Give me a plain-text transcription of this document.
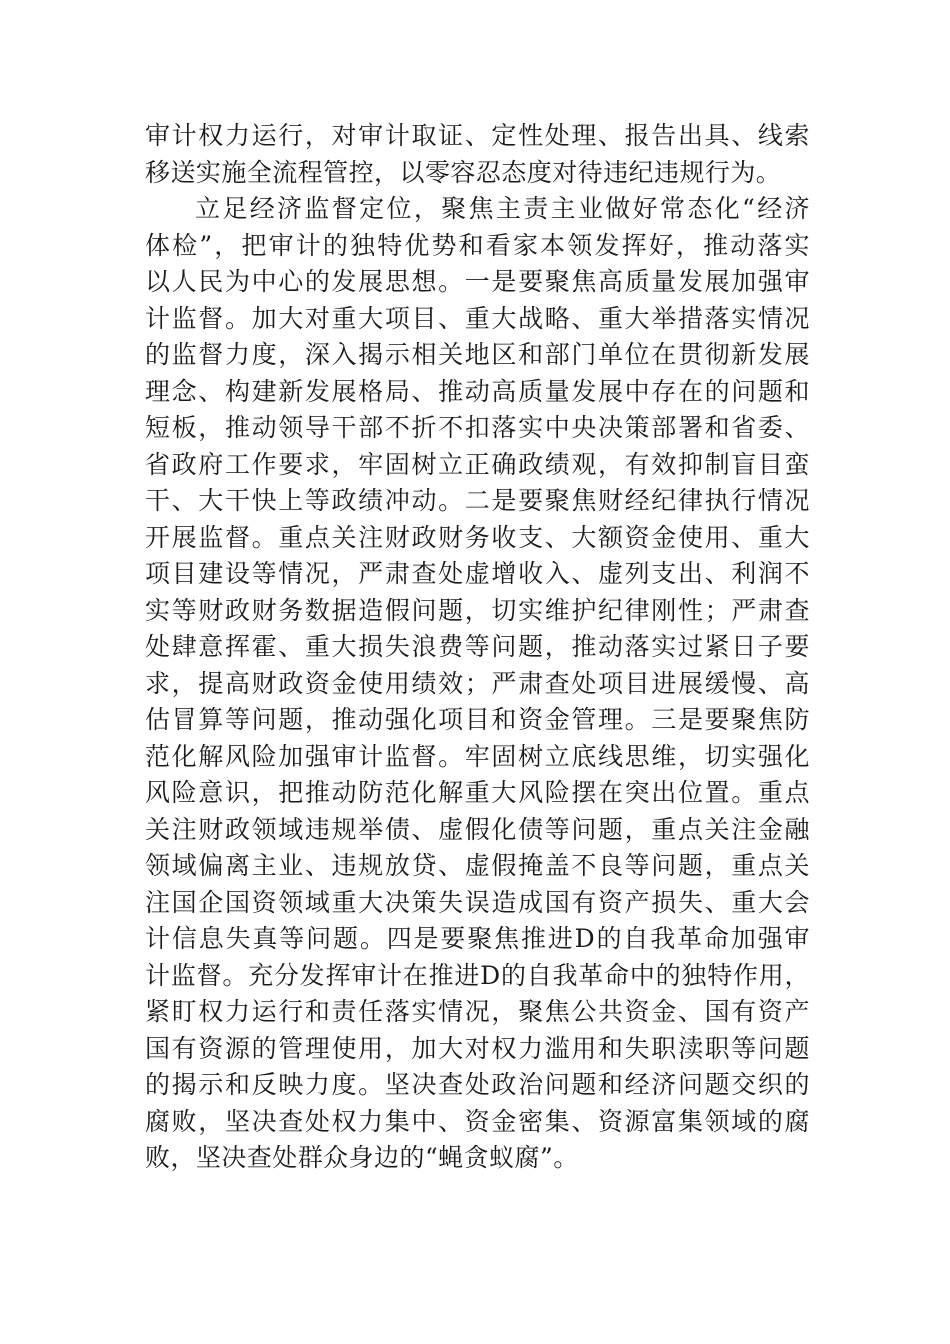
审计权力运行，对审计取证、定性处理、报告出具、线索
移送实施全流程管控，以零容忍态度对待违纪违规行为。
立足经济监督定位，聚焦主责主业做好常态化“经济
体检”，把审计的独特优势和看家本领发挥好，推动落实
以人民为中心的发展思想。一是要聚焦高质量发展加强审
计监督。加大对重大项目、重大战略、重大举措落实情况
的监督力度，深入揭示相关地区和部门单位在贯彻新发展
理念、构建新发展格局、推动高质量发展中存在的问题和
短板，推动领导干部不折不扣落实中央决策部署和省委、
省政府工作要求，牢固树立正确政绩观，有效抑制盲目蛮
干、大干快上等政绩冲动。二是要聚焦财经纪律执行情况
开展监督。重点关注财政财务收支、大额资金使用、重大
项目建设等情况，严肃查处虚增收入、虚列支出、利润不
实等财政财务数据造假问题，切实维护纪律刚性；严肃查
处肆意挥霍、重大损失浪费等问题，推动落实过紧日子要
求，提高财政资金使用绩效；严肃查处项目进展缓慢、高
估冒算等问题，推动强化项目和资金管理。三是要聚焦防
范化解风险加强审计监督。牢固树立底线思维，切实强化
风险意识，把推动防范化解重大风险摆在突出位置。重点
关注财政领域违规举债、虚假化债等问题，重点关注金融
领域偏离主业、违规放贷、虚假掩盖不良等问题，重点关
注国企国资领域重大决策失误造成国有资产损失、重大会
计信息失真等问题。四是要聚焦推进D的自我革命加强审
计监督。充分发挥审计在推进D的自我革命中的独特作用，
紧盯权力运行和责任落实情况，聚焦公共资金、国有资产
国有资源的管理使用，加大对权力滥用和失职渎职等问题
的揭示和反映力度。坚决查处政治问题和经济问题交织的
腐败，坚决查处权力集中、资金密集、资源富集领域的腐
败，坚决查处群众身边的“蝇贪蚁腐”。
